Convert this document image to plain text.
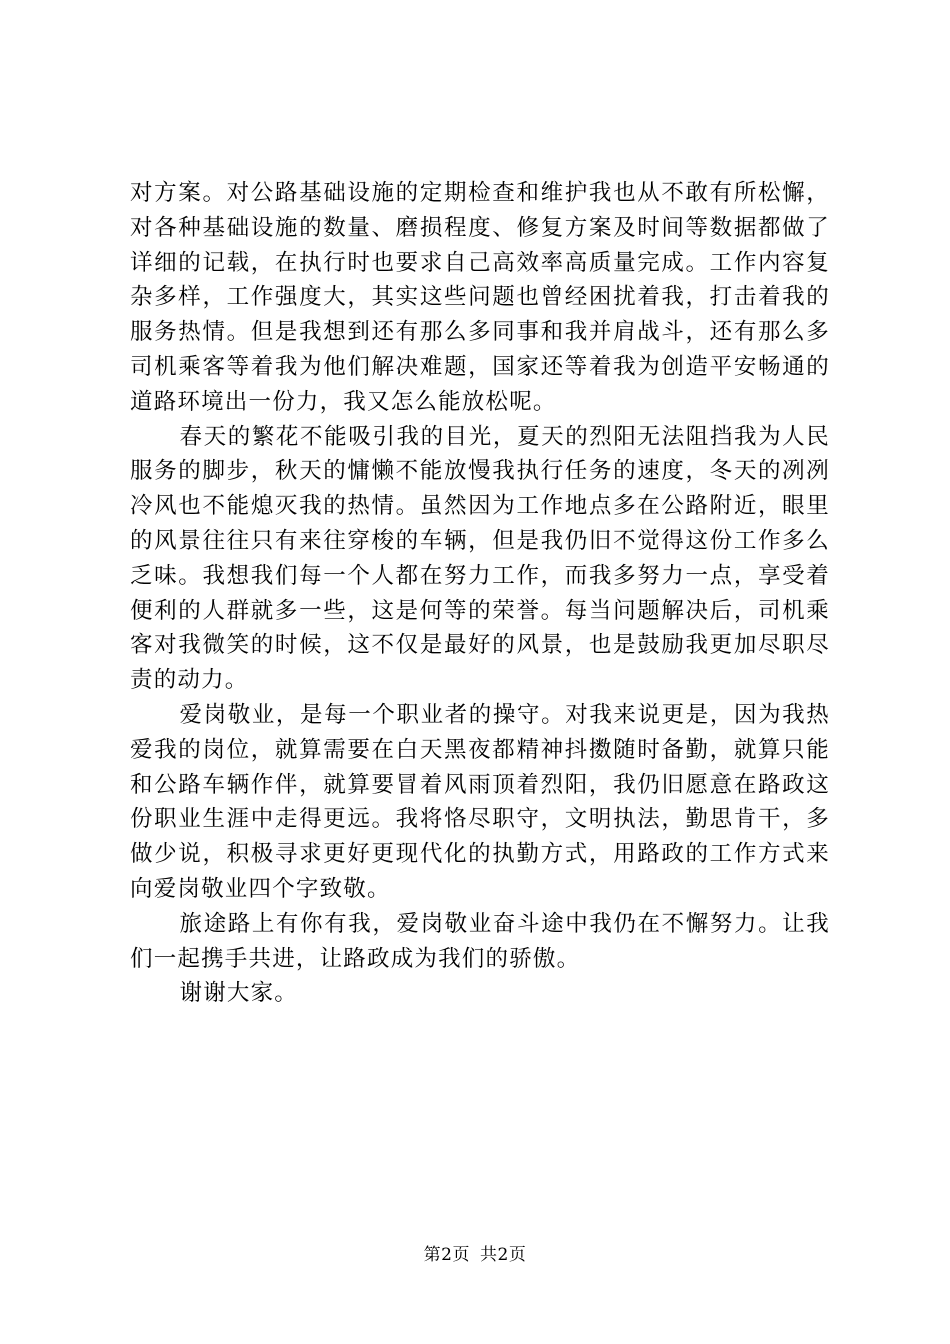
对方案。对公路基础设施的定期检查和维护我也从不敢有所松懈，对各种基础设施的数量、磨损程度、修复方案及时间等数据都做了详细的记载，在执行时也要求自己高效率高质量完成。工作内容复杂多样，工作强度大，其实这些问题也曾经困扰着我，打击着我的服务热情。但是我想到还有那么多同事和我并肩战斗，还有那么多司机乘客等着我为他们解决难题，国家还等着我为创造平安畅通的道路环境出一份力，我又怎么能放松呢。

春天的繁花不能吸引我的目光，夏天的烈阳无法阻挡我为人民服务的脚步，秋天的慵懒不能放慢我执行任务的速度，冬天的冽冽冷风也不能熄灭我的热情。虽然因为工作地点多在公路附近，眼里的风景往往只有来往穿梭的车辆，但是我仍旧不觉得这份工作多么乏味。我想我们每一个人都在努力工作，而我多努力一点，享受着便利的人群就多一些，这是何等的荣誉。每当问题解决后，司机乘客对我微笑的时候，这不仅是最好的风景，也是鼓励我更加尽职尽责的动力。

爱岗敬业，是每一个职业者的操守。对我来说更是，因为我热爱我的岗位，就算需要在白天黑夜都精神抖擞随时备勤，就算只能和公路车辆作伴，就算要冒着风雨顶着烈阳，我仍旧愿意在路政这份职业生涯中走得更远。我将恪尽职守，文明执法，勤思肯干，多做少说，积极寻求更好更现代化的执勤方式，用路政的工作方式来向爱岗敬业四个字致敬。

旅途路上有你有我，爱岗敬业奋斗途中我仍在不懈努力。让我们一起携手共进，让路政成为我们的骄傲。

谢谢大家。

第2页 共2页
